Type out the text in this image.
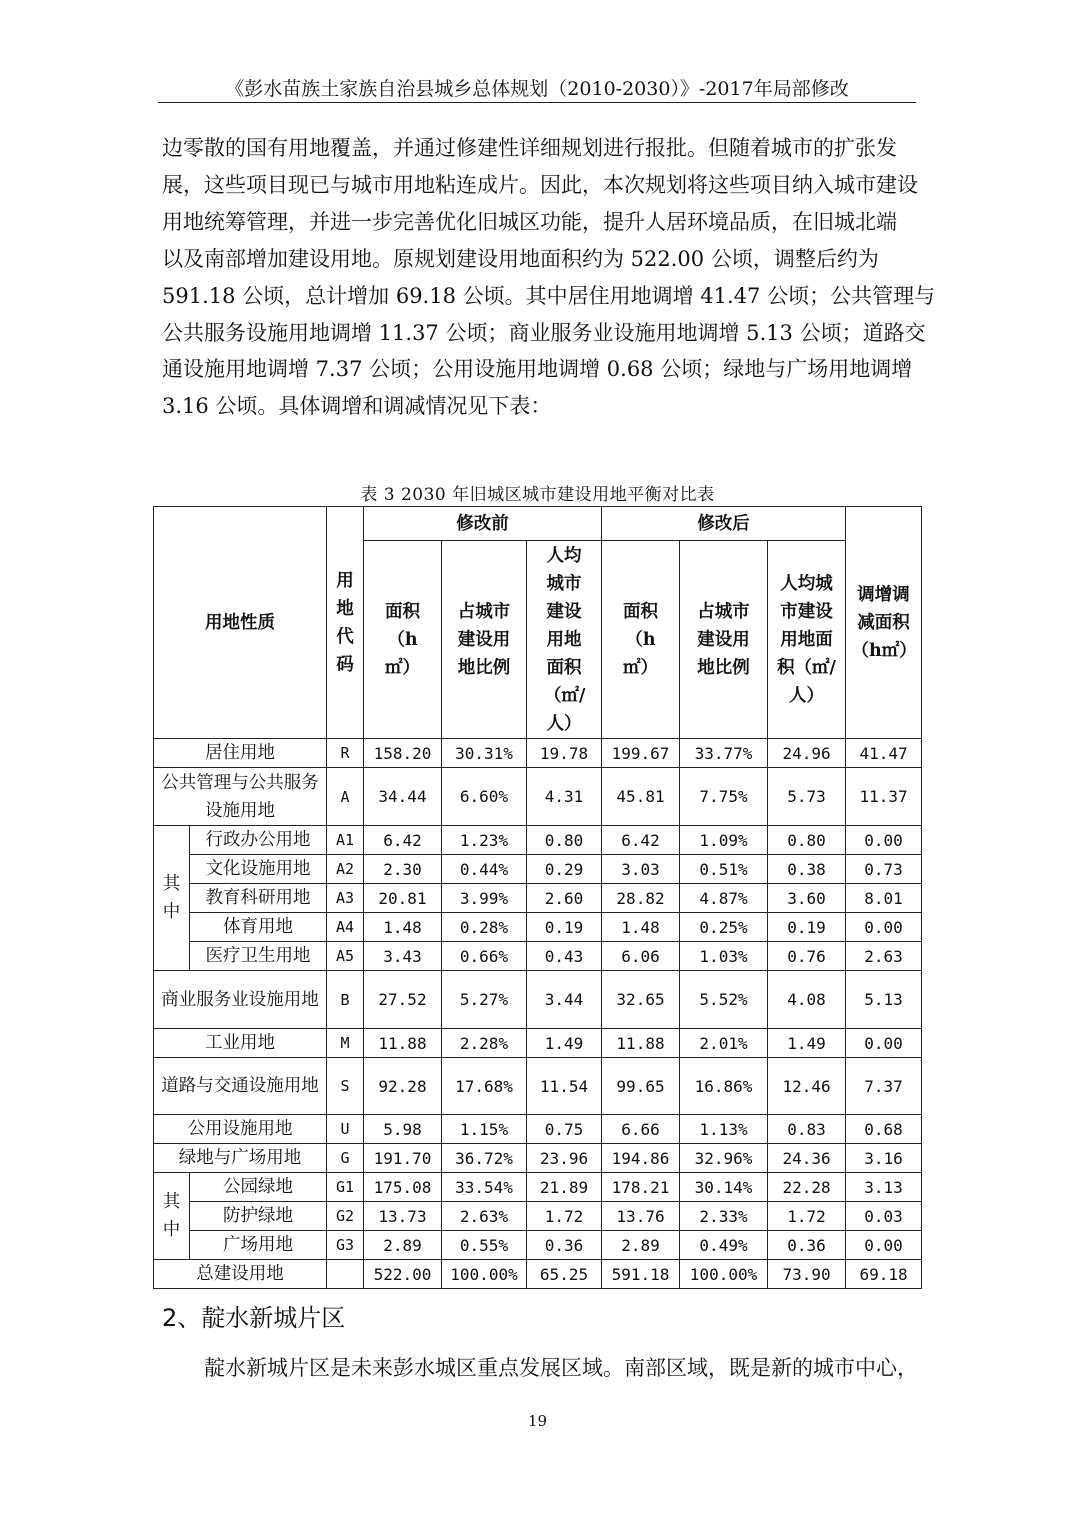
《彭水苗族土家族自治县城乡总体规划（2010-2030）》-2017年局部修改

边零散的国有用地覆盖，并通过修建性详细规划进行报批。但随着城市的扩张发

展，这些项目现已与城市用地粘连成片。因此，本次规划将这些项目纳入城市建设

用地统筹管理，并进一步完善优化旧城区功能，提升人居环境品质，在旧城北端

以及南部增加建设用地。原规划建设用地面积约为 522.00 公顷，调整后约为

591.18 公顷，总计增加 69.18 公顷。其中居住用地调增 41.47 公顷；公共管理与

公共服务设施用地调增 11.37 公顷；商业服务业设施用地调增 5.13 公顷；道路交

通设施用地调增 7.37 公顷；公用设施用地调增 0.68 公顷；绿地与广场用地调增

3.16 公顷。具体调增和调减情况见下表：

表 3 2030 年旧城区城市建设用地平衡对比表
用地性质		用地代码	修改前			修改后			调增调减面积（h㎡）
			面积（h㎡）	占城市建设用地比例	人均城市建设用地面积（㎡/人）	面积（h㎡）	占城市建设用地比例	人均城市建设用地面积（㎡/人）	
居住用地		R	158.20	30.31%	19.78	199.67	33.77%	24.96	41.47
公共管理与公共服务设施用地		A	34.44	6.60%	4.31	45.81	7.75%	5.73	11.37
其中	行政办公用地	A1	6.42	1.23%	0.80	6.42	1.09%	0.80	0.00
	文化设施用地	A2	2.30	0.44%	0.29	3.03	0.51%	0.38	0.73
	教育科研用地	A3	20.81	3.99%	2.60	28.82	4.87%	3.60	8.01
	体育用地	A4	1.48	0.28%	0.19	1.48	0.25%	0.19	0.00
	医疗卫生用地	A5	3.43	0.66%	0.43	6.06	1.03%	0.76	2.63
商业服务业设施用地		B	27.52	5.27%	3.44	32.65	5.52%	4.08	5.13
工业用地		M	11.88	2.28%	1.49	11.88	2.01%	1.49	0.00
道路与交通设施用地		S	92.28	17.68%	11.54	99.65	16.86%	12.46	7.37
公用设施用地		U	5.98	1.15%	0.75	6.66	1.13%	0.83	0.68
绿地与广场用地		G	191.70	36.72%	23.96	194.86	32.96%	24.36	3.16
其中	公园绿地	G1	175.08	33.54%	21.89	178.21	30.14%	22.28	3.13
	防护绿地	G2	13.73	2.63%	1.72	13.76	2.33%	1.72	0.03
	广场用地	G3	2.89	0.55%	0.36	2.89	0.49%	0.36	0.00
总建设用地			522.00	100.00%	65.25	591.18	100.00%	73.90	69.18
2、靛水新城片区

靛水新城片区是未来彭水城区重点发展区域。南部区域，既是新的城市中心，

19
